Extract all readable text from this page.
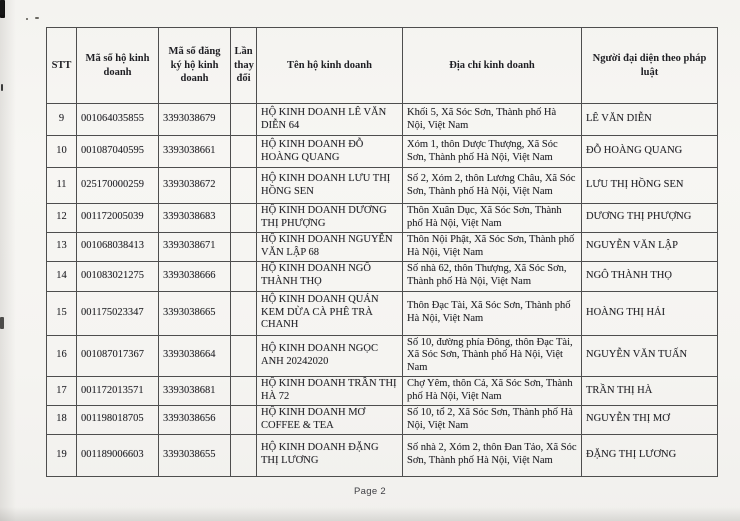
STT	Mã số hộ kinh doanh	Mã số đăng ký hộ kinh doanh	Lần thay đổi	Tên hộ kinh doanh	Địa chỉ kinh doanh	Người đại diện theo pháp luật
9	001064035855	3393038679		HỘ KINH DOANH LÊ VĂN DIỄN 64	Khối 5, Xã Sóc Sơn, Thành phố Hà Nội, Việt Nam	LÊ VĂN DIỄN
10	001087040595	3393038661		HỘ KINH DOANH ĐỖ HOÀNG QUANG	Xóm 1, thôn Dược Thượng, Xã Sóc Sơn, Thành phố Hà Nội, Việt Nam	ĐỖ HOÀNG QUANG
11	025170000259	3393038672		HỘ KINH DOANH LƯU THỊ HỒNG SEN	Số 2, Xóm 2, thôn Lương Châu, Xã Sóc Sơn, Thành phố Hà Nội, Việt Nam	LƯU THỊ HỒNG SEN
12	001172005039	3393038683		HỘ KINH DOANH DƯƠNG THỊ PHƯỢNG	Thôn Xuân Dục, Xã Sóc Sơn, Thành phố Hà Nội, Việt Nam	DƯƠNG THỊ PHƯỢNG
13	001068038413	3393038671		HỘ KINH DOANH NGUYỄN VĂN LẬP 68	Thôn Nội Phật, Xã Sóc Sơn, Thành phố Hà Nội, Việt Nam	NGUYỄN VĂN LẬP
14	001083021275	3393038666		HỘ KINH DOANH NGÔ THÀNH THỌ	Số nhà 62, thôn Thượng, Xã Sóc Sơn, Thành phố Hà Nội, Việt Nam	NGÔ THÀNH THỌ
15	001175023347	3393038665		HỘ KINH DOANH QUÁN KEM DỪA CÀ PHÊ TRÀ CHANH	Thôn Đạc Tài, Xã Sóc Sơn, Thành phố Hà Nội, Việt Nam	HOÀNG THỊ HẢI
16	001087017367	3393038664		HỘ KINH DOANH NGỌC ANH 20242020	Số 10, đường phía Đông, thôn Đạc Tài, Xã Sóc Sơn, Thành phố Hà Nội, Việt Nam	NGUYỄN VĂN TUẤN
17	001172013571	3393038681		HỘ KINH DOANH TRẦN THỊ HÀ 72	Chợ Yêm, thôn Cả, Xã Sóc Sơn, Thành phố Hà Nội, Việt Nam	TRẦN THỊ HÀ
18	001198018705	3393038656		HỘ KINH DOANH MƠ COFFEE & TEA	Số 10, tổ 2, Xã Sóc Sơn, Thành phố Hà Nội, Việt Nam	NGUYỄN THỊ MƠ
19	001189006603	3393038655		HỘ KINH DOANH ĐẶNG THỊ LƯƠNG	Số nhà 2, Xóm 2, thôn Đan Tảo, Xã Sóc Sơn, Thành phố Hà Nội, Việt Nam	ĐẶNG THỊ LƯƠNG
Page 2
